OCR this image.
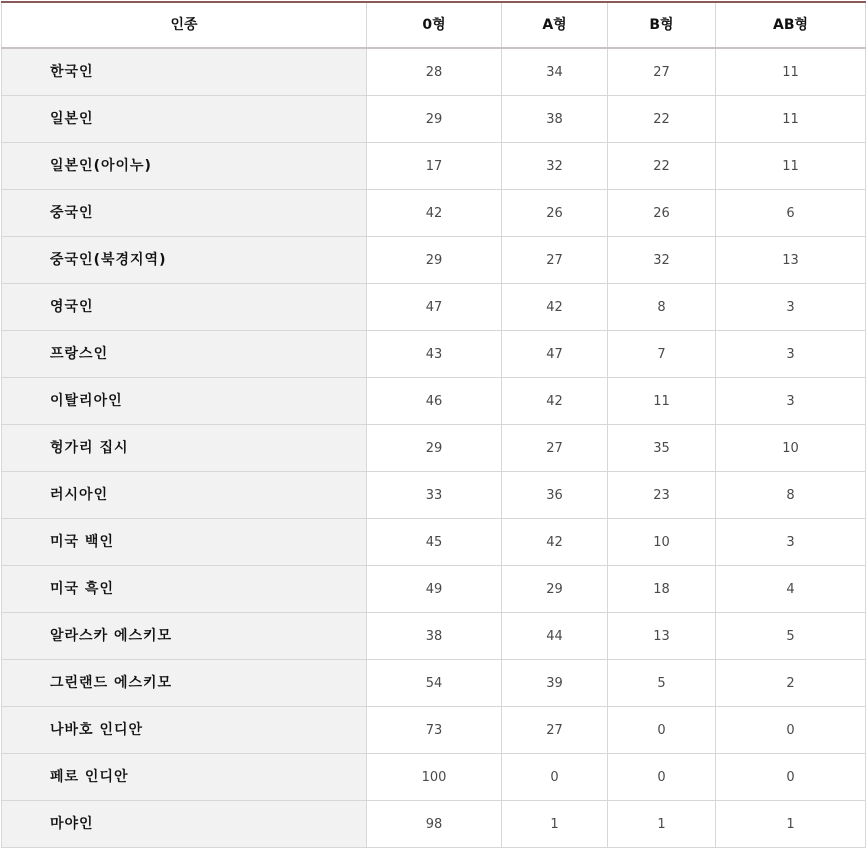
인종	0형	A형	B형	AB형
한국인	28	34	27	11
일본인	29	38	22	11
일본인(아이누)	17	32	22	11
중국인	42	26	26	6
중국인(북경지역)	29	27	32	13
영국인	47	42	8	3
프랑스인	43	47	7	3
이탈리아인	46	42	11	3
헝가리 집시	29	27	35	10
러시아인	33	36	23	8
미국 백인	45	42	10	3
미국 흑인	49	29	18	4
알라스카 에스키모	38	44	13	5
그린랜드 에스키모	54	39	5	2
나바호 인디안	73	27	0	0
페로 인디안	100	0	0	0
마야인	98	1	1	1
